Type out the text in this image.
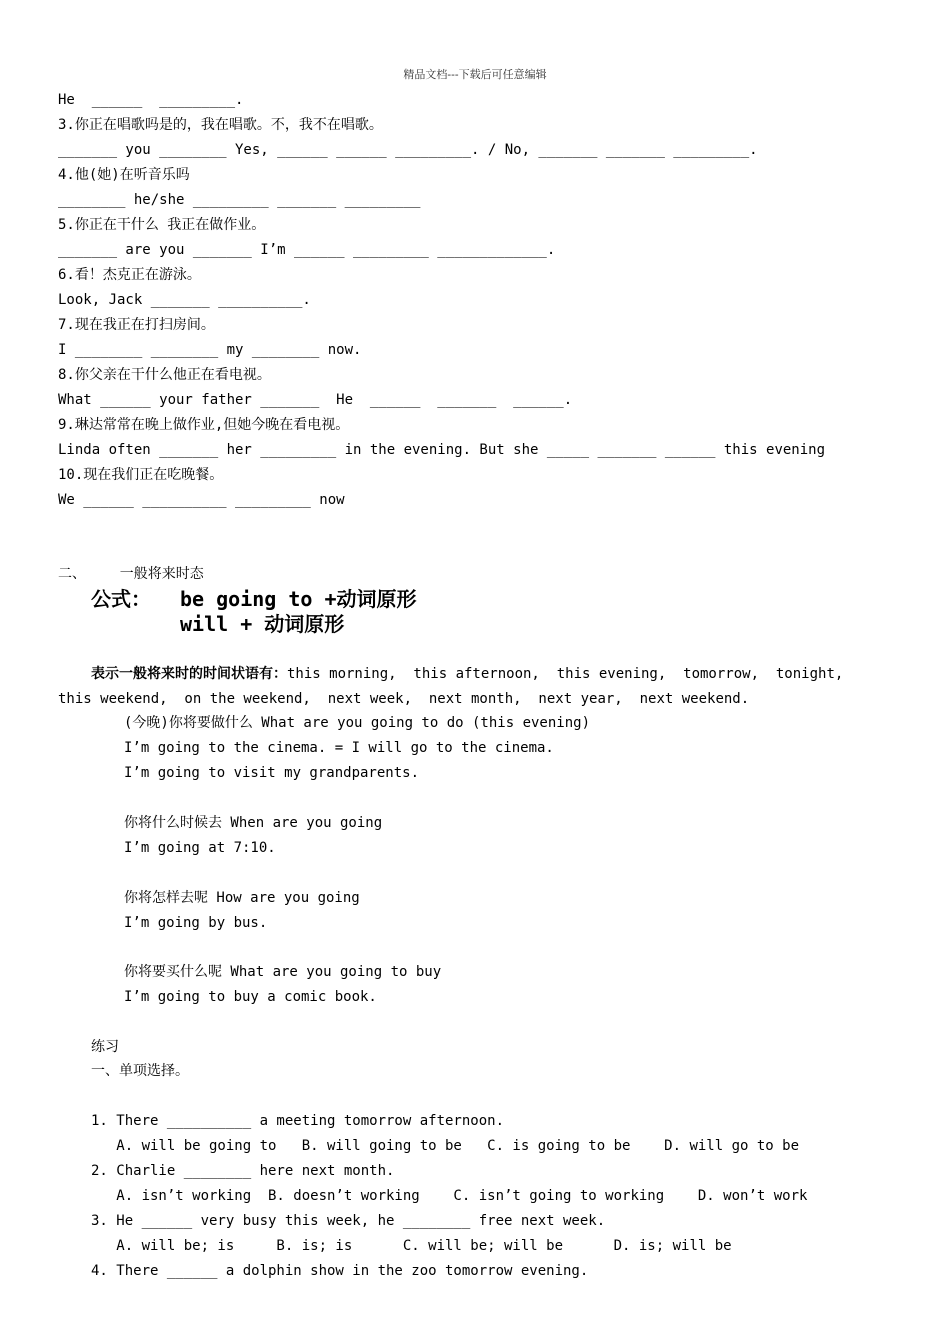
精品文档---下载后可任意编辑
He  ______  _________.
3.你正在唱歌吗是的，我在唱歌。不，我不在唱歌。
_______ you ________ Yes, ______ ______ _________. / No, _______ _______ _________.
4.他(她)在听音乐吗
________ he/she _________ _______ _________
5.你正在干什么 我正在做作业。
_______ are you _______ I’m ______ _________ _____________.
6.看！杰克正在游泳。
Look, Jack _______ __________.
7.现在我正在打扫房间。
I ________ ________ my ________ now.
8.你父亲在干什么他正在看电视。
What ______ your father _______  He  ______  _______  ______.
9.琳达常常在晚上做作业,但她今晚在看电视。
Linda often _______ her _________ in the evening. But she _____ _______ ______ this evening
10.现在我们正在吃晚餐。
We ______ __________ _________ now
二、    一般将来时态
公式： be going to +动词原形
will + 动词原形
表示一般将来时的时间状语有：this morning,  this afternoon,  this evening,  tomorrow,  tonight,
this weekend,  on the weekend,  next week,  next month,  next year,  next weekend.
(今晚)你将要做什么 What are you going to do (this evening)
I’m going to the cinema. = I will go to the cinema.
I’m going to visit my grandparents.
你将什么时候去 When are you going
I’m going at 7:10.
你将怎样去呢 How are you going
I’m going by bus.
你将要买什么呢 What are you going to buy
I’m going to buy a comic book.
练习
一、单项选择。
1. There __________ a meeting tomorrow afternoon.
A. will be going to   B. will going to be   C. is going to be    D. will go to be
2. Charlie ________ here next month.
A. isn’t working  B. doesn’t working    C. isn’t going to working    D. won’t work
3. He ______ very busy this week, he ________ free next week.
A. will be; is     B. is; is      C. will be; will be      D. is; will be
4. There ______ a dolphin show in the zoo tomorrow evening.
